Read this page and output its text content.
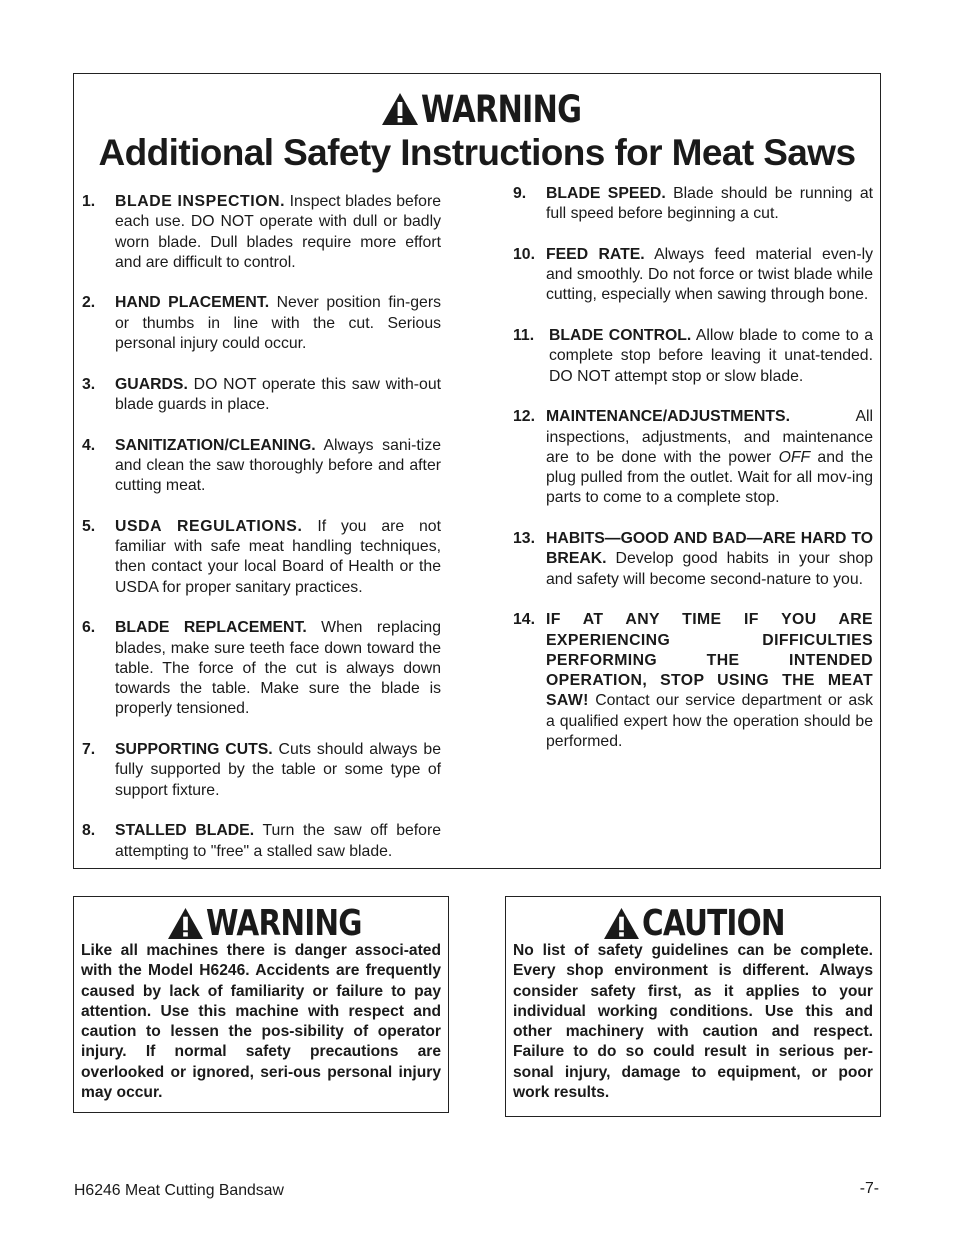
WARNING
Additional Safety Instructions for Meat Saws
1.	BLADE INSPECTION. Inspect blades before each use. DO NOT operate with dull or badly worn blade. Dull blades require more effort and are difficult to control.
2.	HAND PLACEMENT. Never position fin-gers or thumbs in line with the cut. Serious personal injury could occur.
3.	GUARDS. DO NOT operate this saw with-out blade guards in place.
4.	SANITIZATION/CLEANING. Always sani-tize and clean the saw thoroughly before and after cutting meat.
5.	USDA REGULATIONS. If you are not familiar with safe meat handling techniques, then contact your local Board of Health or the USDA for proper sanitary practices.
6.	BLADE REPLACEMENT. When replacing blades, make sure teeth face down toward the table. The force of the cut is always down towards the table. Make sure the blade is properly tensioned.
7.	SUPPORTING CUTS. Cuts should always be fully supported by the table or some type of support fixture.
8.	STALLED BLADE. Turn the saw off before attempting to "free" a stalled saw blade.
9.	BLADE SPEED. Blade should be running at full speed before beginning a cut.
10. FEED RATE. Always feed material even-ly and smoothly. Do not force or twist blade while cutting, especially when sawing through bone.
11. BLADE CONTROL. Allow blade to come to a complete stop before leaving it unat-tended. DO NOT attempt stop or slow blade.
12. MAINTENANCE/ADJUSTMENTS. All inspections, adjustments, and maintenance are to be done with the power OFF and the plug pulled from the outlet. Wait for all mov-ing parts to come to a complete stop.
13. HABITS—GOOD AND BAD—ARE HARD TO BREAK. Develop good habits in your shop and safety will become second-nature to you.
14. IF AT ANY TIME IF YOU ARE EXPERIENCING DIFFICULTIES PERFORMING THE INTENDED OPERATION, STOP USING THE MEAT SAW! Contact our service department or ask a qualified expert how the operation should be performed.
WARNING
Like all machines there is danger associ-ated with the Model H6246. Accidents are frequently caused by lack of familiarity or failure to pay attention. Use this machine with respect and caution to lessen the pos-sibility of operator injury. If normal safety precautions are overlooked or ignored, seri-ous personal injury may occur.
CAUTION
No list of safety guidelines can be complete. Every shop environment is different. Always consider safety first, as it applies to your individual working conditions. Use this and other machinery with caution and respect. Failure to do so could result in serious per-sonal injury, damage to equipment, or poor work results.
H6246 Meat Cutting Bandsaw	-7-
